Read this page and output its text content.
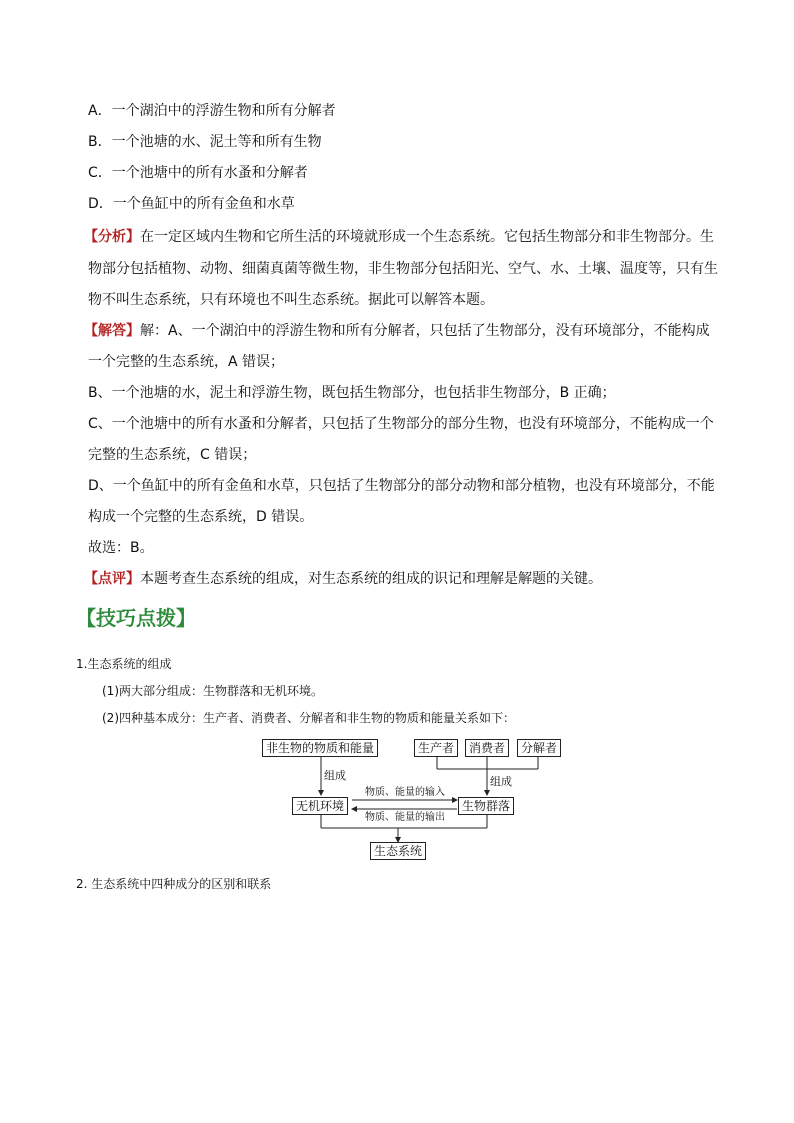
A．一个湖泊中的浮游生物和所有分解者
B．一个池塘的水、泥土等和所有生物
C．一个池塘中的所有水蚤和分解者
D．一个鱼缸中的所有金鱼和水草
【分析】在一定区域内生物和它所生活的环境就形成一个生态系统。它包括生物部分和非生物部分。生
物部分包括植物、动物、细菌真菌等微生物，非生物部分包括阳光、空气、水、土壤、温度等，只有生
物不叫生态系统，只有环境也不叫生态系统。据此可以解答本题。
【解答】解：A、一个湖泊中的浮游生物和所有分解者，只包括了生物部分，没有环境部分，不能构成
一个完整的生态系统，A 错误；
B、一个池塘的水，泥土和浮游生物，既包括生物部分，也包括非生物部分，B 正确；
C、一个池塘中的所有水蚤和分解者，只包括了生物部分的部分生物，也没有环境部分，不能构成一个
完整的生态系统，C 错误；
D、一个鱼缸中的所有金鱼和水草，只包括了生物部分的部分动物和部分植物，也没有环境部分，不能
构成一个完整的生态系统，D 错误。
故选：B。
【点评】本题考查生态系统的组成，对生态系统的组成的识记和理解是解题的关键。
【技巧点拨】
1.生态系统的组成
(1)两大部分组成：生物群落和无机环境。
(2)四种基本成分：生产者、消费者、分解者和非生物的物质和能量关系如下：
非生物的物质和能量	生产者	消费者	分解者
无机环境	生物群落
生态系统
组成	组成
物质、能量的输入
物质、能量的输出
2. 生态系统中四种成分的区别和联系
